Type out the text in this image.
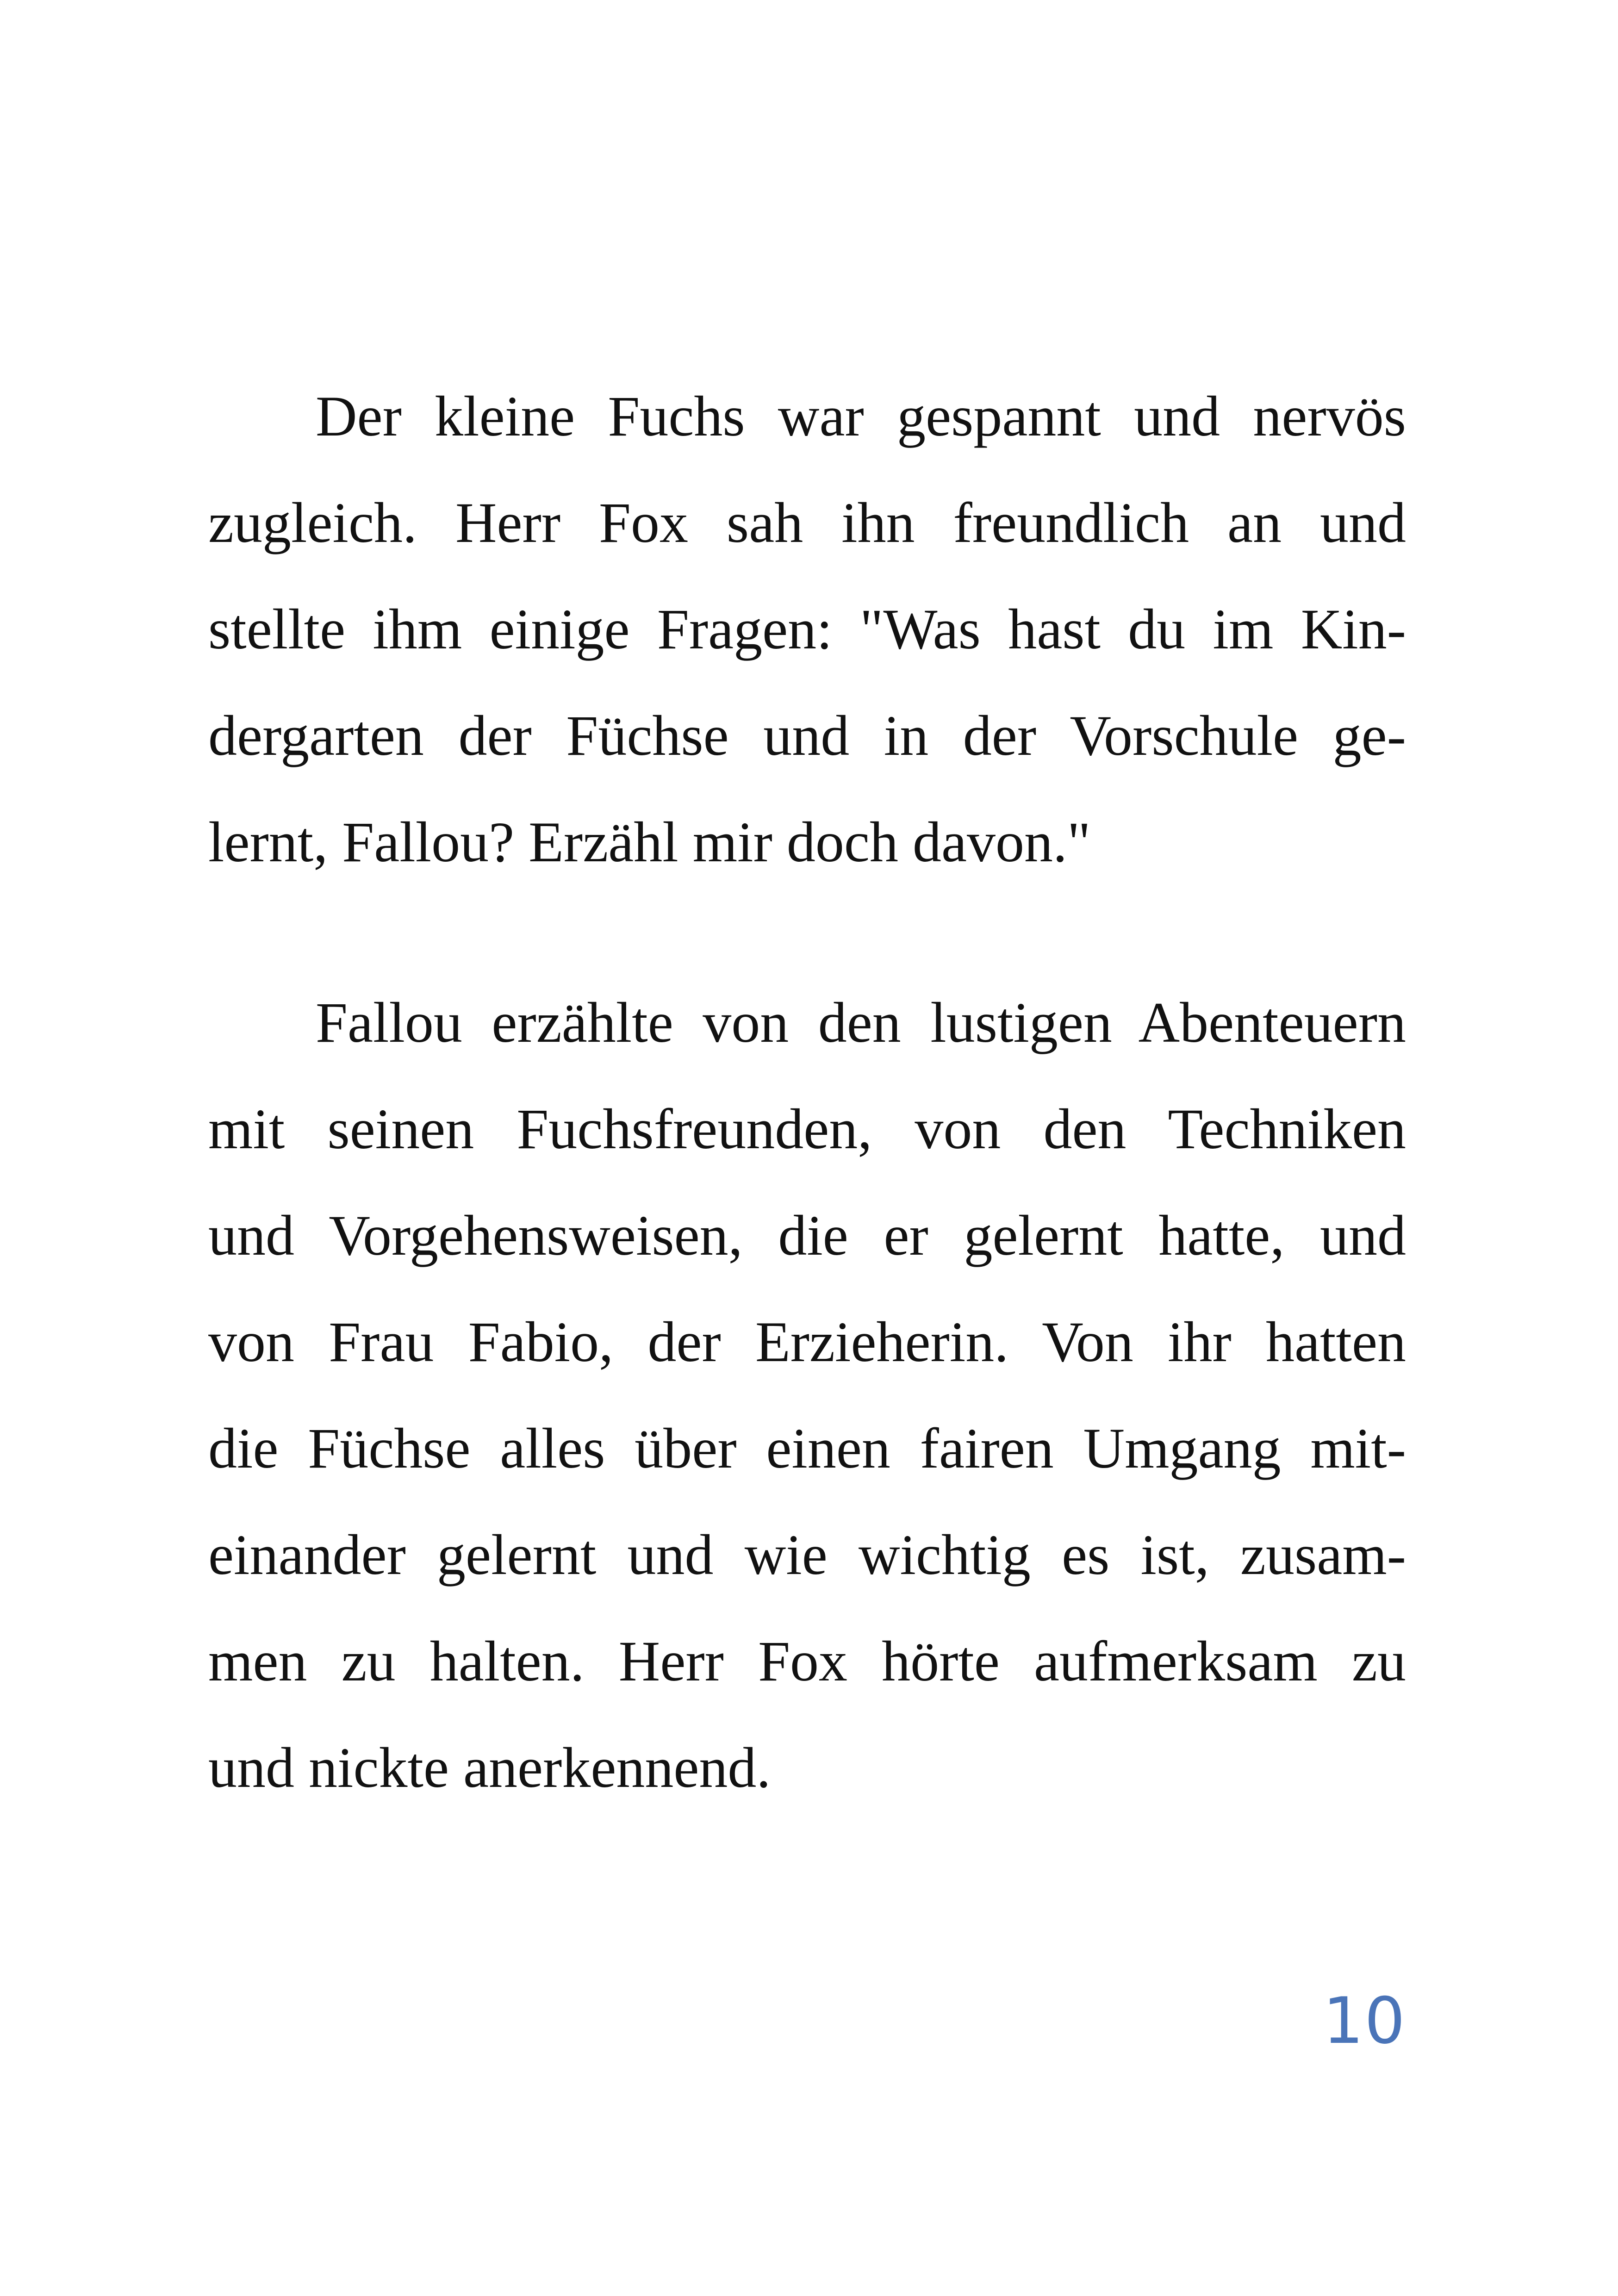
Der kleine Fuchs war gespannt und nervös
zugleich. Herr Fox sah ihn freundlich an und
stellte ihm einige Fragen: "Was hast du im Kin-
dergarten der Füchse und in der Vorschule ge-
lernt, Fallou? Erzähl mir doch davon."

Fallou erzählte von den lustigen Abenteuern
mit seinen Fuchsfreunden, von den Techniken
und Vorgehensweisen, die er gelernt hatte, und
von Frau Fabio, der Erzieherin. Von ihr hatten
die Füchse alles über einen fairen Umgang mit-
einander gelernt und wie wichtig es ist, zusam-
men zu halten. Herr Fox hörte aufmerksam zu
und nickte anerkennend.

10
